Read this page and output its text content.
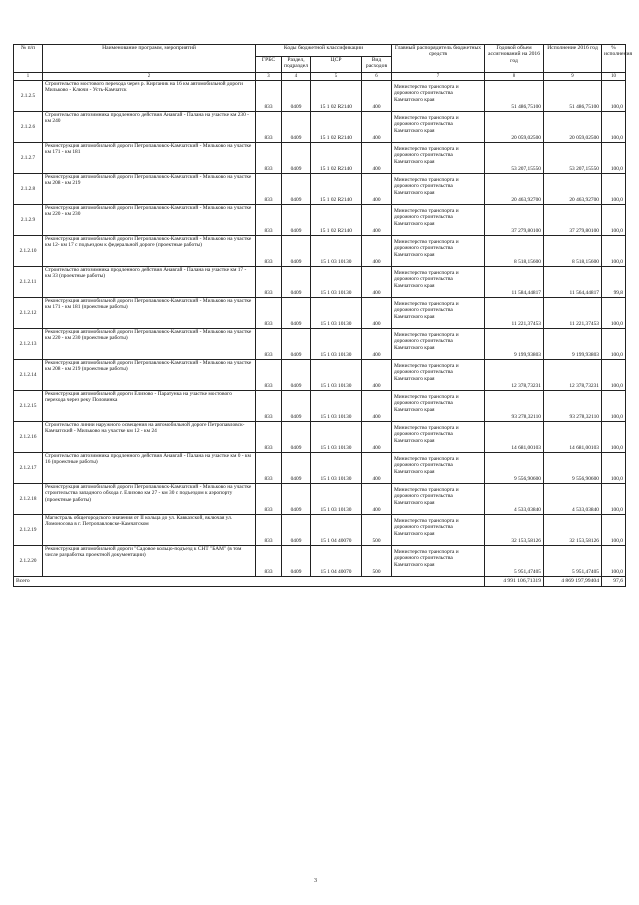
№ п/п	Наименование программ, мероприятий	Коды бюджетной классификации				Главный распорядитель бюджетных средств	Годовой объем ассигнований на 2016 год	Исполнение 2016 год	% исполнения
		ГРБС	Раздел, подраздел	ЦСР	Вид расходов				
1	2	3	4	5	6	7	8	9	10
2.1.2.5	Строительство мостового перехода через р. Кирганик на 16 км автомобильной дороги Мильково - Ключи - Усть-Камчатск	833	0409	15 1 02 R2140	400	Министерство транспорта и дорожного строительства Камчатского края	51 486,75100	51 486,75100	100,0
2.1.2.6	Строительство автозимника продленного действия Анавгай - Палана на участке км 230 - км 240	833	0409	15 1 02 R2140	400	Министерство транспорта и дорожного строительства Камчатского края	20 059,02500	20 059,02500	100,0
2.1.2.7	Реконструкция автомобильной дороги Петропавловск-Камчатский - Мильково на участке км 171 - км 181	833	0409	15 1 02 R2140	400	Министерство транспорта и дорожного строительства Камчатского края	53 207,15550	53 207,15550	100,0
2.1.2.8	Реконструкция автомобильной дороги Петропавловск-Камчатский - Мильково на участке км 208 - км 219	833	0409	15 1 02 R2140	400	Министерство транспорта и дорожного строительства Камчатского края	20 463,92700	20 463,92700	100,0
2.1.2.9	Реконструкция автомобильной дороги Петропавловск-Камчатский - Мильково на участке км 220 - км 230	833	0409	15 1 02 R2140	400	Министерство транспорта и дорожного строительства Камчатского края	37 279,80100	37 279,80100	100,0
2.1.2.10	Реконструкция автомобильной дороги Петропавловск-Камчатский - Мильково на участке км 12- км 17 с подъездом к федеральной дороге (проектные работы)	833	0409	15 1 03 10130	400	Министерство транспорта и дорожного строительства Камчатского края	8 518,15600	8 518,15600	100,0
2.1.2.11	Строительство автозимника продленного действия Анавгай - Палана на участке км 17 - км 33 (проектные работы)	833	0409	15 1 03 10130	400	Министерство транспорта и дорожного строительства Камчатского края	11 584,44817	11 564,44817	99,8
2.1.2.12	Реконструкция автомобильной дороги Петропавловск-Камчатский - Мильково на участке км 171 - км 181 (проектные работы)	833	0409	15 1 03 10130	400	Министерство транспорта и дорожного строительства Камчатского края	11 221,37453	11 221,37453	100,0
2.1.2.13	Реконструкция автомобильной дороги Петропавловск-Камчатский - Мильково на участке км 220 - км 230 (проектные работы)	833	0409	15 1 03 10130	400	Министерство транспорта и дорожного строительства Камчатского края	9 199,93803	9 199,93803	100,0
2.1.2.14	Реконструкция автомобильной дороги Петропавловск-Камчатский - Мильково на участке км 208 - км 219 (проектные работы)	833	0409	15 1 03 10130	400	Министерство транспорта и дорожного строительства Камчатского края	12 378,73231	12 378,73231	100,0
2.1.2.15	Реконструкция автомобильной дороги Елизово - Паратунка на участке мостового перехода через реку Половинка	833	0409	15 1 03 10130	400	Министерство транспорта и дорожного строительства Камчатского края	93 278,32110	93 278,32110	100,0
2.1.2.16	Строительство линии наружного освещения на автомобильной дороге Петропавловск-Камчатский - Мильково на участке км 12 - км 24	833	0409	15 1 03 10130	400	Министерство транспорта и дорожного строительства Камчатского края	14 681,00103	14 681,00103	100,0
2.1.2.17	Строительство автозимника продленного действия Анавгай - Палана на участке км 0 - км 16 (проектные работы)	833	0409	15 1 03 10130	400	Министерство транспорта и дорожного строительства Камчатского края	9 556,90600	9 556,90600	100,0
2.1.2.18	Реконструкция автомобильной дороги Петропавловск-Камчатский - Мильково на участке строительства западного обхода г. Елизово км 27 - км 30 с подъездом к аэропорту (проектные работы)	833	0409	15 1 03 10130	400	Министерство транспорта и дорожного строительства Камчатского края	4 533,03840	4 533,03840	100,0
2.1.2.19	Магистраль общегородского значения от II кольца до ул. Кавказской, включая ул. Ломоносова в г. Петропавловске-Камчатском	833	0409	15 1 04 40070	500	Министерство транспорта и дорожного строительства Камчатского края	32 153,58126	32 153,58126	100,0
2.1.2.20	Реконструкция автомобильной дороги "Садовое кольцо-подъезд к СНТ "БАМ" (в том числе разработка проектной документации)	833	0409	15 1 04 40070	500	Министерство транспорта и дорожного строительства Камчатского края	5 951,47405	5 951,47405	100,0
Всего							4 991 106,71319	4 869 197,99404	97,6
3
